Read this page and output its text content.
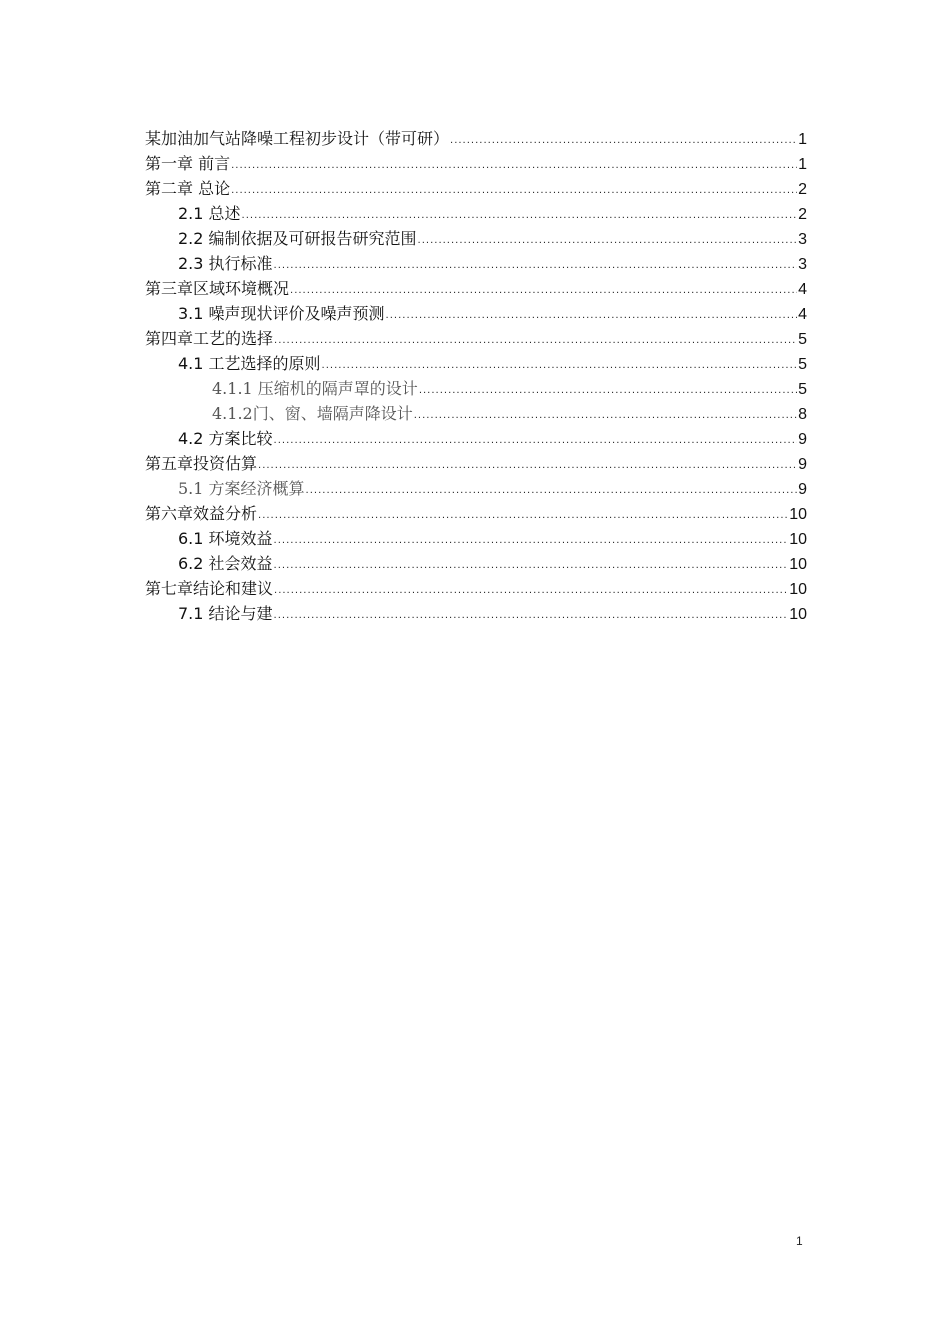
某加油加气站降噪工程初步设计（带可研） .....	1
第一章 前言 .....	1
第二章 总论 .....	2
2.1 总述 .....	2
2.2 编制依据及可研报告研究范围 .....	3
2.3 执行标准 .....	3
第三章区域环境概况 .....	4
3.1 噪声现状评价及噪声预测 .....	4
第四章工艺的选择 .....	5
4.1 工艺选择的原则 .....	5
4.1.1 压缩机的隔声罩的设计 .....	5
4.1.2门、窗、墙隔声降设计 .....	8
4.2 方案比较 .....	9
第五章投资估算 .....	9
5.1 方案经济概算 .....	9
第六章效益分析 .....	10
6.1 环境效益 .....	10
6.2 社会效益 .....	10
第七章结论和建议 .....	10
7.1 结论与建 .....	10
1
